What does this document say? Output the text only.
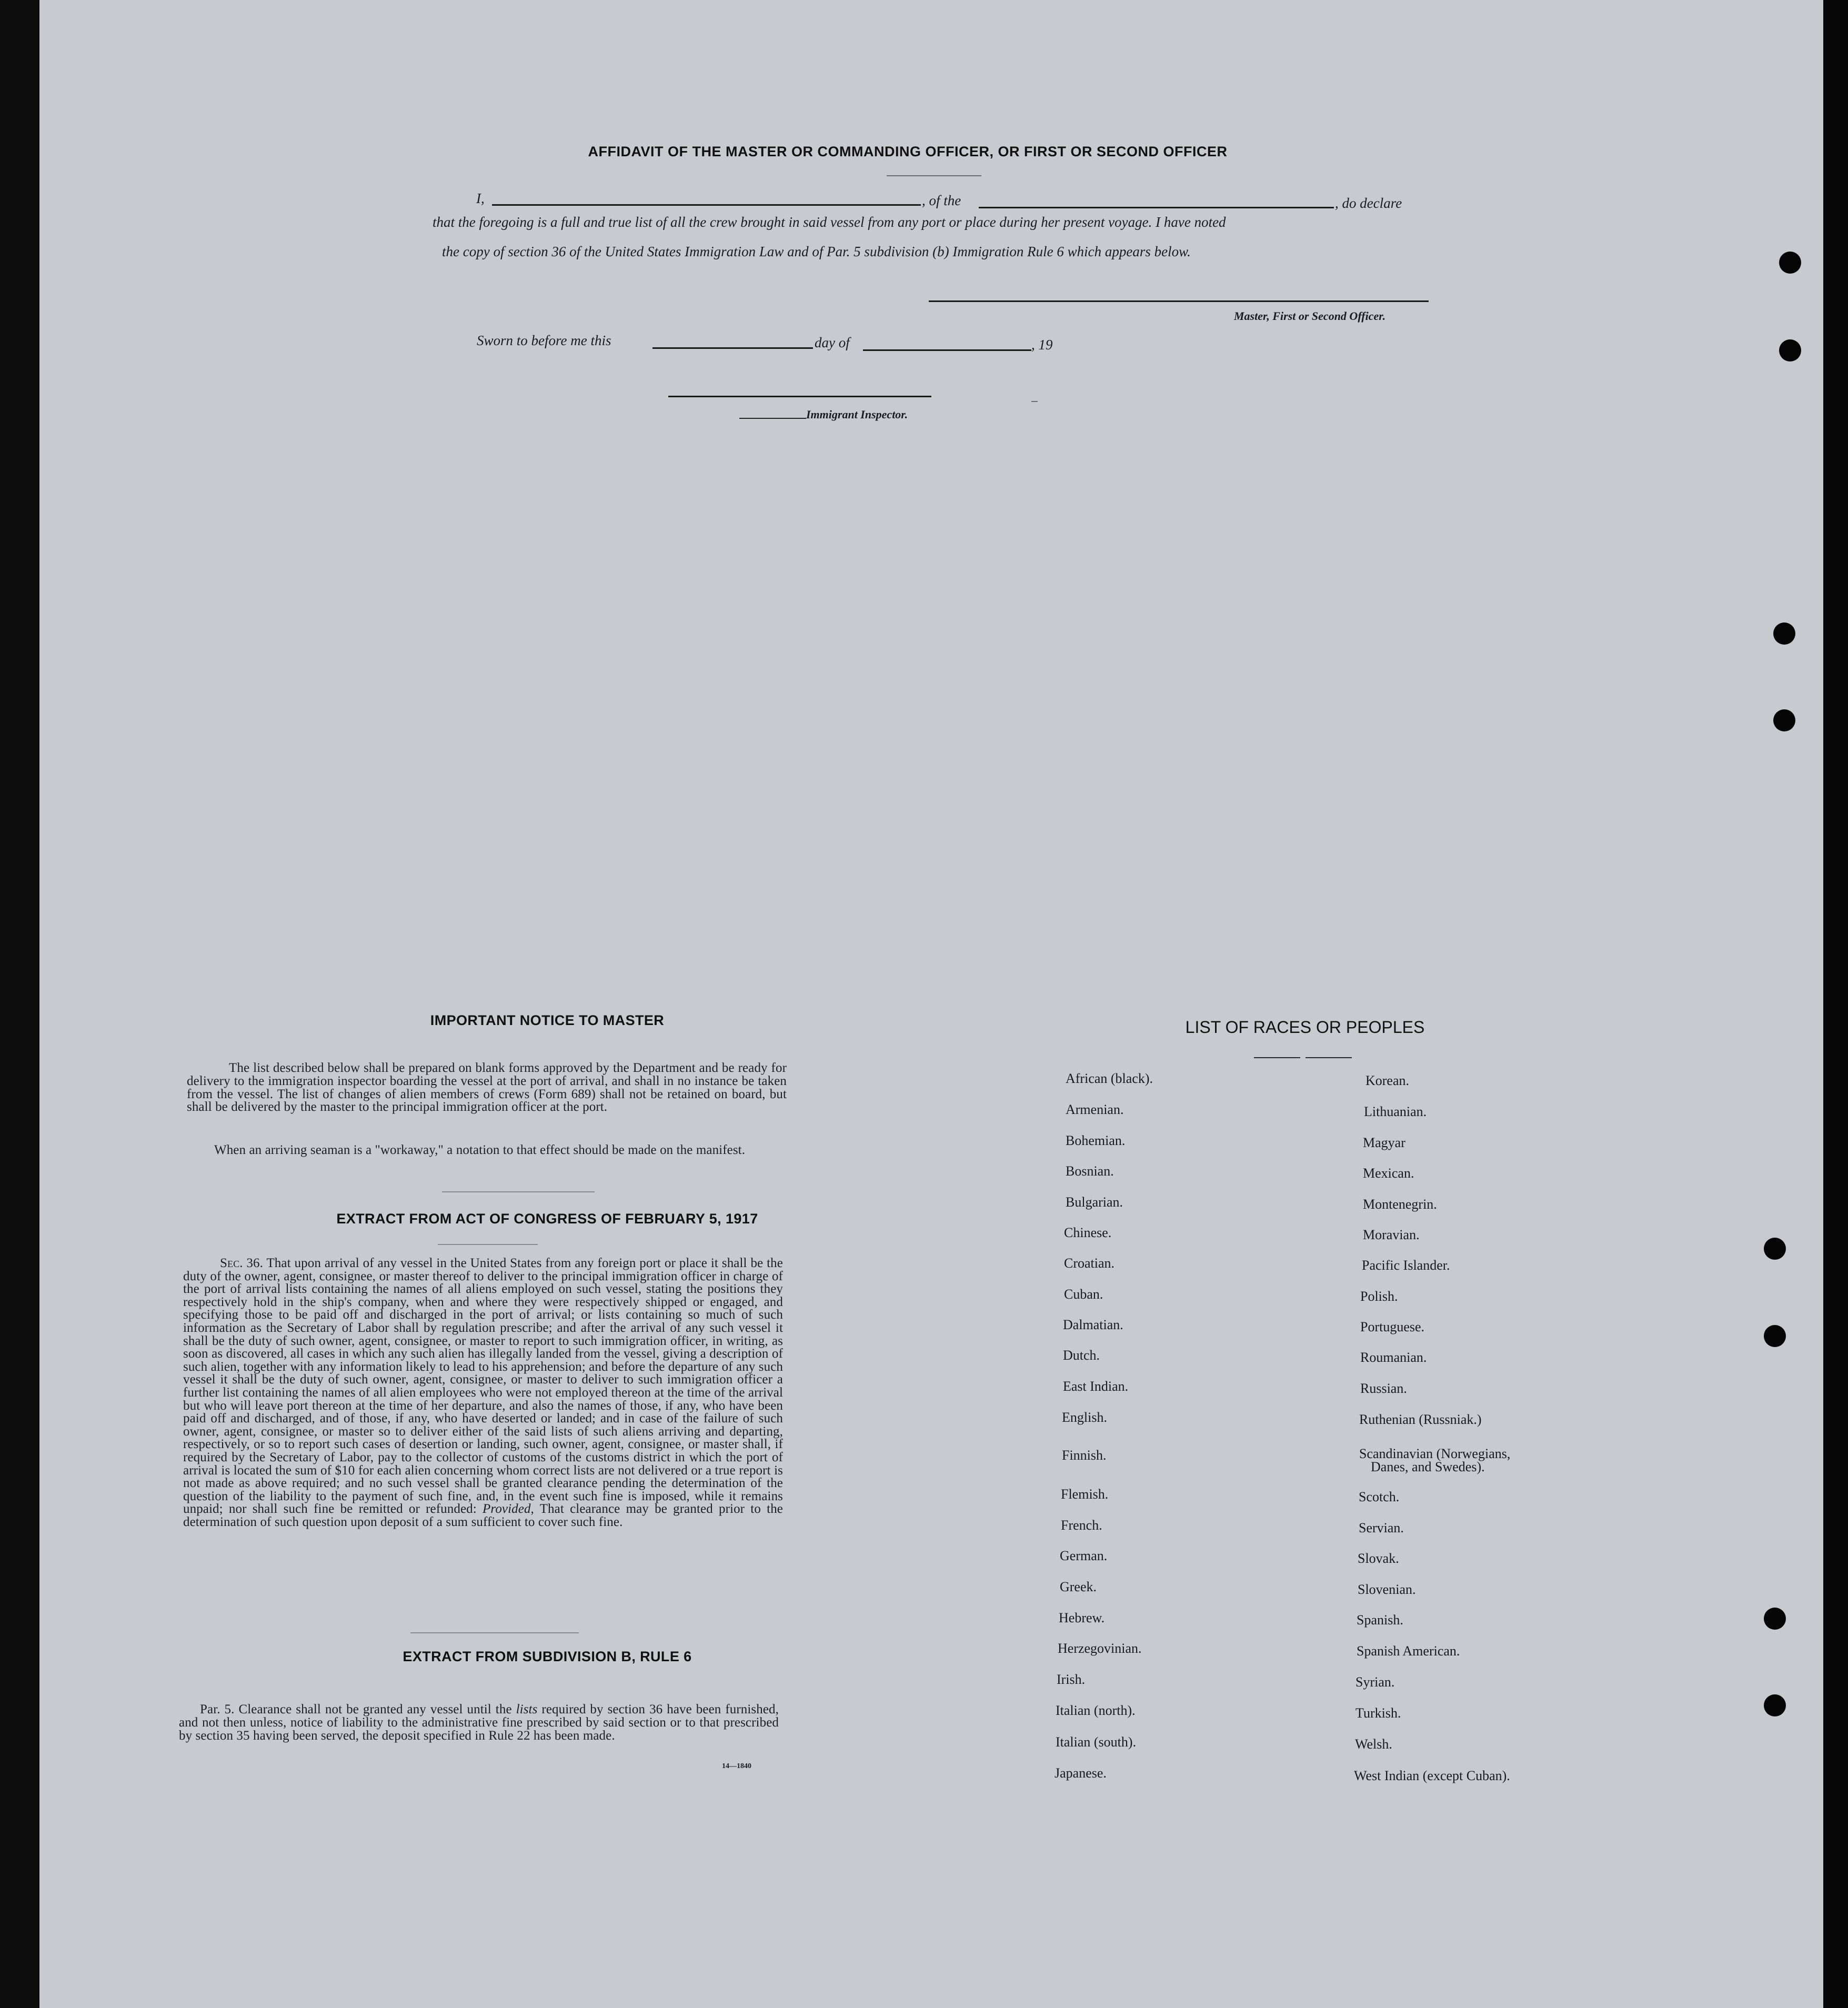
AFFIDAVIT OF THE MASTER OR COMMANDING OFFICER, OR FIRST OR SECOND OFFICER
I,	, of the	, do declare
that the foregoing is a full and true list of all the crew brought in said vessel from any port or place during her present voyage. I have noted
the copy of section 36 of the United States Immigration Law and of Par. 5 subdivision (b) Immigration Rule 6 which appears below.
Master, First or Second Officer.
Sworn to before me this	day of	, 19
Immigrant Inspector.
IMPORTANT NOTICE TO MASTER
The list described below shall be prepared on blank forms approved by the Department and be ready for delivery to the immigration inspector boarding the vessel at the port of arrival, and shall in no instance be taken from the vessel. The list of changes of alien members of crews (Form 689) shall not be retained on board, but shall be delivered by the master to the principal immigration officer at the port.
When an arriving seaman is a "workaway," a notation to that effect should be made on the manifest.
EXTRACT FROM ACT OF CONGRESS OF FEBRUARY 5, 1917
Sec. 36. That upon arrival of any vessel in the United States from any foreign port or place it shall be the duty of the owner, agent, consignee, or master thereof to deliver to the principal immigration officer in charge of the port of arrival lists containing the names of all aliens employed on such vessel, stating the positions they respectively hold in the ship's company, when and where they were respectively shipped or engaged, and specifying those to be paid off and discharged in the port of arrival; or lists containing so much of such information as the Secretary of Labor shall by regulation prescribe; and after the arrival of any such vessel it shall be the duty of such owner, agent, consignee, or master to report to such immigration officer, in writing, as soon as discovered, all cases in which any such alien has illegally landed from the vessel, giving a description of such alien, together with any information likely to lead to his apprehension; and before the departure of any such vessel it shall be the duty of such owner, agent, consignee, or master to deliver to such immigration officer a further list containing the names of all alien employees who were not employed thereon at the time of the arrival but who will leave port thereon at the time of her departure, and also the names of those, if any, who have been paid off and discharged, and of those, if any, who have deserted or landed; and in case of the failure of such owner, agent, consignee, or master so to deliver either of the said lists of such aliens arriving and departing, respectively, or so to report such cases of desertion or landing, such owner, agent, consignee, or master shall, if required by the Secretary of Labor, pay to the collector of customs of the customs district in which the port of arrival is located the sum of $10 for each alien concerning whom correct lists are not delivered or a true report is not made as above required; and no such vessel shall be granted clearance pending the determination of the question of the liability to the payment of such fine, and, in the event such fine is imposed, while it remains unpaid; nor shall such fine be remitted or refunded: Provided, That clearance may be granted prior to the determination of such question upon deposit of a sum sufficient to cover such fine.
EXTRACT FROM SUBDIVISION B, RULE 6
Par. 5. Clearance shall not be granted any vessel until the lists required by section 36 have been furnished, and not then unless, notice of liability to the administrative fine prescribed by said section or to that prescribed by section 35 having been served, the deposit specified in Rule 22 has been made.
14—1840
LIST OF RACES OR PEOPLES
African (black).
Armenian.
Bohemian.
Bosnian.
Bulgarian.
Chinese.
Croatian.
Cuban.
Dalmatian.
Dutch.
East Indian.
English.
Finnish.
Flemish.
French.
German.
Greek.
Hebrew.
Herzegovinian.
Irish.
Italian (north).
Italian (south).
Japanese.
Korean.
Lithuanian.
Magyar
Mexican.
Montenegrin.
Moravian.
Pacific Islander.
Polish.
Portuguese.
Roumanian.
Russian.
Ruthenian (Russniak.)
Scandinavian (Norwegians,
Scotch.
Servian.
Slovak.
Slovenian.
Spanish.
Spanish American.
Syrian.
Turkish.
Welsh.
West Indian (except Cuban).
Danes, and Swedes).
